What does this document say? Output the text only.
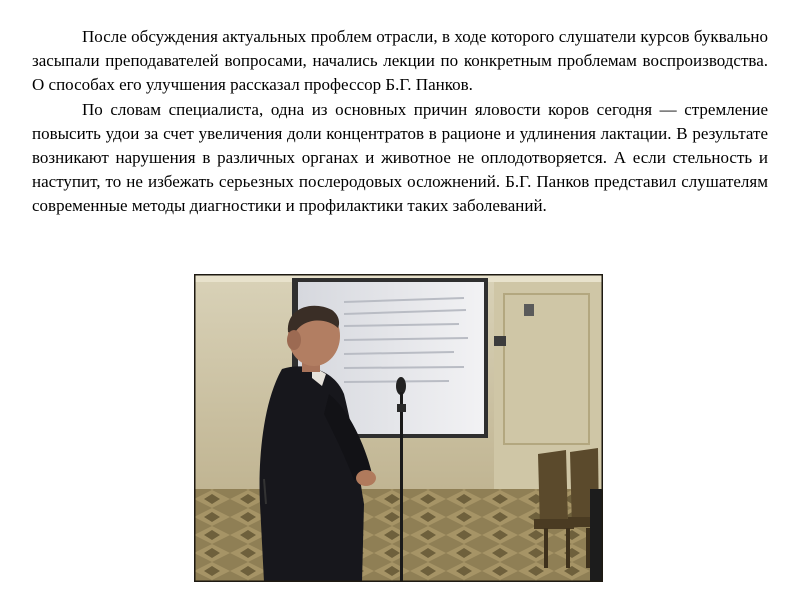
После обсуждения актуальных проблем отрасли, в ходе которого слушатели курсов буквально засыпали преподавателей вопросами, начались лекции по конкретным проблемам воспроизводства. О способах его улучшения рассказал профессор Б.Г. Панков.

По словам специалиста, одна из основных причин яловости коров сегодня — стремление повысить удои за счет увеличения доли концентратов в рационе и удлинения лактации. В результате возникают нарушения в различных органах и животное не оплодотворяется. А если стельность и наступит, то не избежать серьезных послеродовых осложнений. Б.Г. Панков представил слушателям современные методы диагностики и профилактики таких заболеваний.
